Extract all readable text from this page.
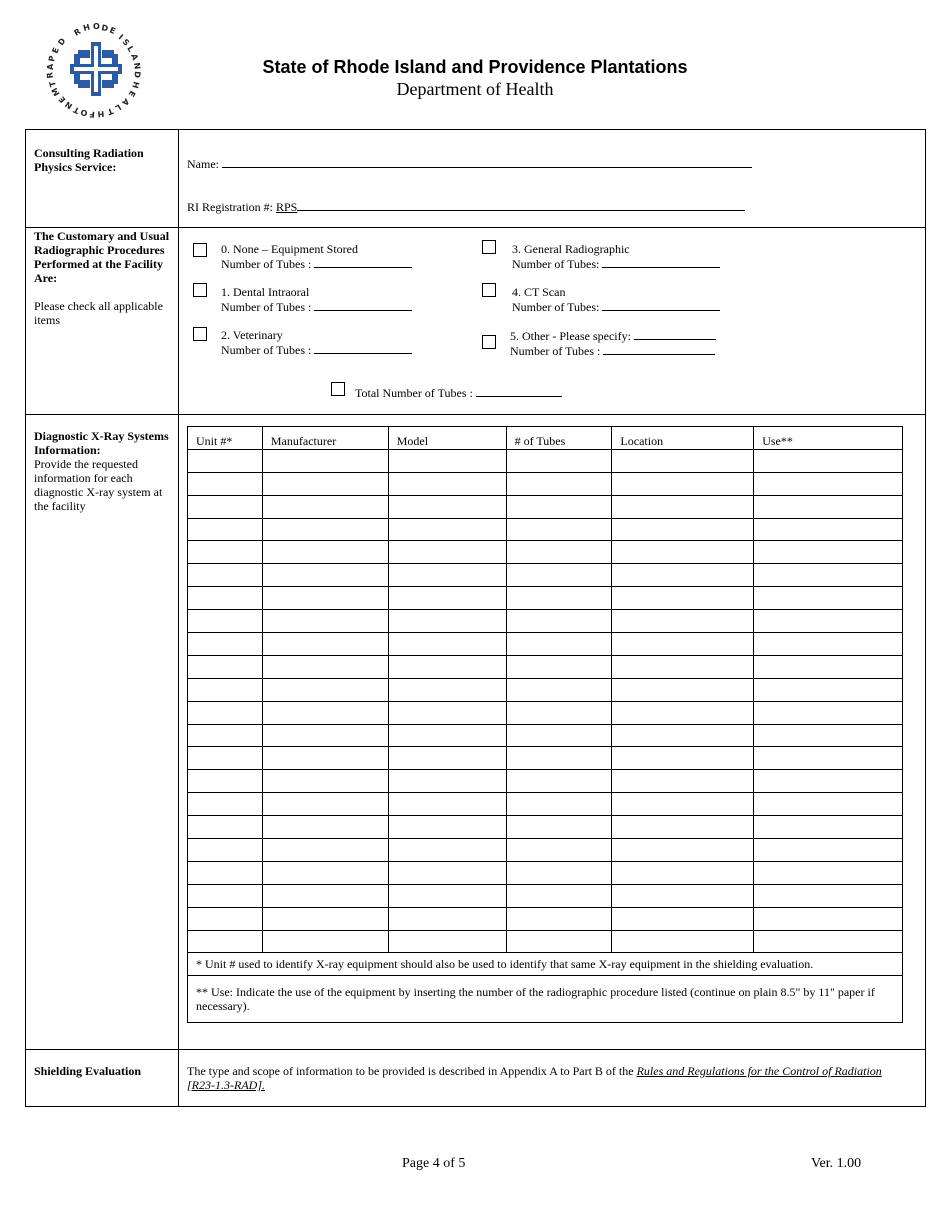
R H O D E
I
S
L
A
N
D
H
E
A
L
T
H
F
O
T
N
E
M
T
R
A
P
E
D
State of Rhode Island and Providence Plantations
Department of Health
Consulting Radiation Physics Service:	Name:
RI Registration #: RPS
The Customary and Usual Radiographic Procedures Performed at the Facility Are:
Please check all applicable items
0. None – Equipment Stored
Number of Tubes :
1. Dental Intraoral
Number of Tubes :
2. Veterinary
Number of Tubes :
3. General Radiographic
Number of Tubes:
4. CT Scan
Number of Tubes:
5. Other - Please specify:
Number of Tubes :
Total Number of Tubes :
Diagnostic X-Ray Systems Information:
Provide the requested information for each diagnostic X-ray system at the facility
Unit #*	Manufacturer	Model	# of Tubes	Location	Use**

* Unit # used to identify X-ray equipment should also be used to identify that same X-ray equipment in the shielding evaluation.					
** Use: Indicate the use of the equipment by inserting the number of the radiographic procedure listed (continue on plain 8.5" by 11" paper if necessary).					
Shielding Evaluation	The type and scope of information to be provided is described in Appendix A to Part B of the Rules and Regulations for the Control of Radiation [R23-1.3-RAD].
Page 4 of 5	Ver. 1.00
